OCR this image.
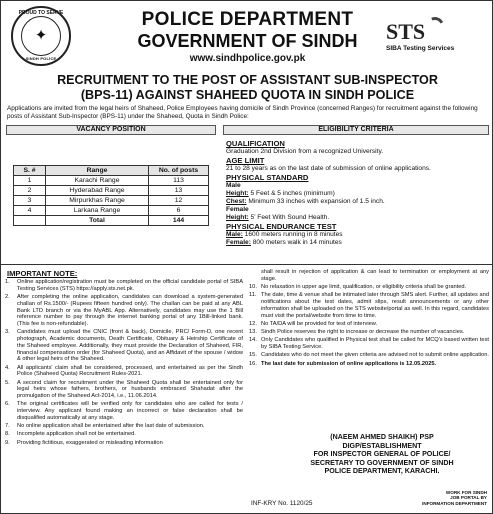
PROUD TO SERVE
✦
SINDH POLICE
POLICE DEPARTMENT
GOVERNMENT OF SINDH
www.sindhpolice.gov.pk
STS
SIBA Testing Services
RECRUITMENT TO THE POST OF ASSISTANT SUB-INSPECTOR
(BPS-11) AGAINST SHAHEED QUOTA IN SINDH POLICE
Applications are invited from the legal heirs of Shaheed, Police Employees having domicile of Sindh Province (concerned Ranges) for recruitment against the following posts of Assistant Sub-Inspector (BPS-11) under the Shaheed, Quota in Sindh Police:
VACANCY POSITION	ELIGIBILITY CRITERIA
S. #	Range	No. of posts
1	Karachi Range	113
2	Hyderabad Range	13
3	Mirpurkhas Range	12
4	Larkana Range	6
	Total	144
QUALIFICATION
Graduation 2nd Division from a recognized University.
AGE LIMIT
21 to 28 years as on the last date of submission of online applications.
PHYSICAL STANDARD
Male
Height: 5 Feet & 5 inches (minimum)
Chest: Minimum 33 inches with expansion of 1.5 inch.
Female
Height: 5' Feet With Sound Health.
PHYSICAL ENDURANCE TEST
Male: 1600 meters running in 8 minutes
Female: 800 meters walk in 14 minutes
IMPORTANT NOTE:
1.	Online application/registration must be completed on the official candidate portal of SIBA Testing Services (STS) https://apply.sts.net.pk.
2.	After completing the online application, candidates can download a system-generated challan of Rs.1500/- (Rupees fifteen hundred only). The challan can be paid at any ABL Bank LTD branch or via the MyABL App. Alternatively, candidates may use the 1 Bill reference number to pay through the internet banking portal of any 1Bill-linked bank. (This fee is non-refundable).
3.	Candidates must upload the CNIC (front & back), Domicile, PRC/ Form-D, one recent photograph, Academic documents, Death Certificate, Obituary & Heirship Certificate of the Shaheed employee. Additionally, they must provide the Declaration of Shaheed, FIR, financial compensation order (for Shaheed Quota), and an Affidavit of the spouse / widow & other legal heirs of the Shaheed.
4.	All applicants' claim shall be considered, processed, and entertained as per the Sindh Police (Shaheed Quota) Recruitment Rules-2021.
5.	A second claim for recruitment under the Shaheed Quota shall be entertained only for legal heirs whose fathers, brothers, or husbands embraced Shahadat after the promulgation of the Shaheed Act-2014, i.e., 11.06.2014.
6.	The original certificates will be verified only for candidates who are called for tests / interview. Any applicant found making an incorrect or false declaration shall be disqualified automatically at any stage.
7.	No online application shall be entertained after the last date of submission.
8.	Incomplete application shall not be entertained.
9.	Providing fictitious, exaggerated or misleading information
shall result in rejection of application & can lead to termination or employment at any stage.
10. No relaxation in upper age limit, qualification, or eligibility criteria shall be granted.
11. The date, time & venue shall be intimated later through SMS alert. Further, all updates and notifications about the test dates, admit slips, result announcements or any other information shall be uploaded on the STS website/portal as well. In this regard, candidates must visit the portal/website from time to time.
12. No TA/DA will be provided for test of interview.
13. Sindh Police reserves the right to increase or decrease the number of vacancies.
14. Only Candidates who qualified in Physical test shall be called for MCQ's based written test by SIBA Testing Service.
15. Candidates who do not meet the given criteria are advised not to submit online application.
16. The last date for submission of online applications is 12.05.2025.
(NAEEM AHMED SHAIKH) PSP
DIGP/ESTABLISHMENT
FOR INSPECTOR GENERAL OF POLICE/
SECRETARY TO GOVERNMENT OF SINDH
POLICE DEPARTMENT, KARACHI.
INF-KRY No. 1120/25
WORK FOR SINDH
JOB PORTAL BY
INFORMATION DEPARTMENT
